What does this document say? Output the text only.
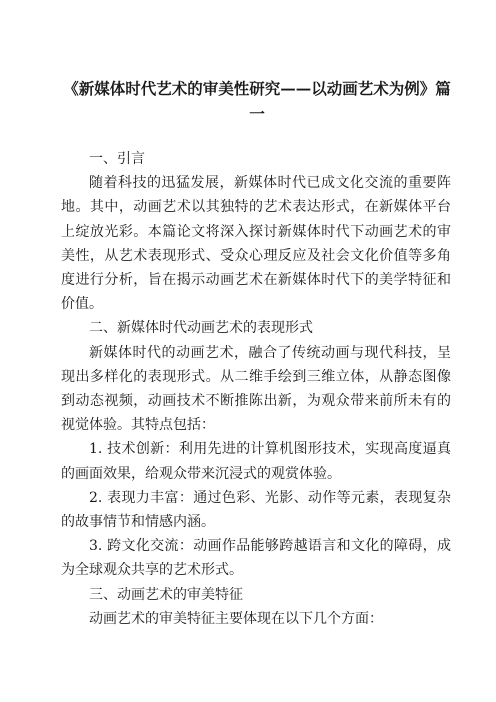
《新媒体时代艺术的审美性研究——以动画艺术为例》篇一

一、引言

随着科技的迅猛发展，新媒体时代已成文化交流的重要阵地。其中，动画艺术以其独特的艺术表达形式，在新媒体平台上绽放光彩。本篇论文将深入探讨新媒体时代下动画艺术的审美性，从艺术表现形式、受众心理反应及社会文化价值等多角度进行分析，旨在揭示动画艺术在新媒体时代下的美学特征和价值。

二、新媒体时代动画艺术的表现形式

新媒体时代的动画艺术，融合了传统动画与现代科技，呈现出多样化的表现形式。从二维手绘到三维立体，从静态图像到动态视频，动画技术不断推陈出新，为观众带来前所未有的视觉体验。其特点包括：

1. 技术创新：利用先进的计算机图形技术，实现高度逼真的画面效果，给观众带来沉浸式的观赏体验。

2. 表现力丰富：通过色彩、光影、动作等元素，表现复杂的故事情节和情感内涵。

3. 跨文化交流：动画作品能够跨越语言和文化的障碍，成为全球观众共享的艺术形式。

三、动画艺术的审美特征

动画艺术的审美特征主要体现在以下几个方面：
